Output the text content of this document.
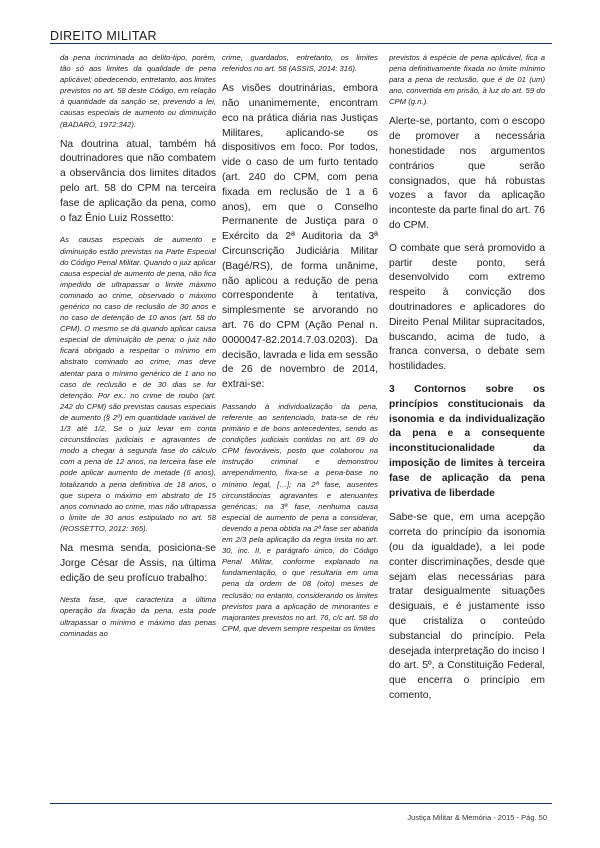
DIREITO MILITAR

da pena incriminada ao delito-tipo, porém, tão só aos limites da qualidade de pena aplicável; obedecendo, entretanto, aos limites previstos no art. 58 deste Código, em relação à quantidade da sanção se, prevendo a lei, causas especiais de aumento ou diminuição (BADARÓ, 1972:342).

Na doutrina atual, também há doutrinadores que não combatem a observância dos limites ditados pelo art. 58 do CPM na terceira fase de aplicação da pena, como o faz Ênio Luiz Rossetto:

As causas especiais de aumento e diminuição estão previstas na Parte Especial do Código Penal Militar. Quando o juiz aplicar causa especial de aumento de pena, não fica impedido de ultrapassar o limite máximo cominado ao crime, observado o máximo genérico no caso de reclusão de 30 anos e no caso de detenção de 10 anos (art. 58 do CPM). O mesmo se dá quando aplicar causa especial de diminuição de pena: o juiz não ficará obrigado a respeitar o mínimo em abstrato cominado ao crime, mas deve atentar para o mínimo genérico de 1 ano no caso de reclusão e de 30 dias se for detenção. Por ex.: no crime de roubo (art. 242 do CPM) são previstas causas especiais de aumento (§ 2º) em quantidade variável de 1/3 até 1/2. Se o juiz levar em conta circunstâncias judiciais e agravantes de modo a chegar à segunda fase do cálculo com a pena de 12 anos, na terceira fase ele pode aplicar aumento de metade (6 anos), totalizando a pena definitiva de 18 anos, o que supera o máximo em abstrato de 15 anos cominado ao crime, mas não ultrapassa o limite de 30 anos estipulado no art. 58 (ROSSETTO, 2012: 365).

Na mesma senda, posiciona-se Jorge César de Assis, na última edição de seu profícuo trabalho:

Nesta fase, que caracteriza a última operação da fixação da pena, esta pode ultrapassar o mínimo e máximo das penas cominadas ao

crime, guardados, entretanto, os limites referidos no art. 58 (ASSIS, 2014: 316).

As visões doutrinárias, embora não unanimemente, encontram eco na prática diária nas Justiças Militares, aplicando-se os dispositivos em foco. Por todos, vide o caso de um furto tentado (art. 240 do CPM, com pena fixada em reclusão de 1 a 6 anos), em que o Conselho Permanente de Justiça para o Exército da 2ª Auditoria da 3ª Circunscrição Judiciária Militar (Bagé/RS), de forma unânime, não aplicou a redução de pena correspondente à tentativa, simplesmente se arvorando no art. 76 do CPM (Ação Penal n. 0000047-82.2014.7.03.0203). Da decisão, lavrada e lida em sessão de 26 de novembro de 2014, extrai-se:

Passando à individualização da pena, referente ao sentenciado, trata-se de réu primário e de bons antecedentes, sendo as condições judiciais contidas no art. 69 do CPM favoráveis, posto que colaborou na instrução criminal e demonstrou arrependimento, fixa-se a pena-base no mínimo legal, […]; na 2ª fase, ausentes circunstâncias agravantes e atenuantes genéricas; na 3ª fase, nenhuma causa especial de aumento de pena a considerar, devendo a pena obtida na 2ª fase ser abatida em 2/3 pela aplicação da regra ínsita no art. 30, inc. II, e parágrafo único, do Código Penal Militar, conforme explanado na fundamentação, o que resultaria em uma pena da ordem de 08 (oito) meses de reclusão; no entanto, considerando os limites previstos para a aplicação de minorantes e majorantes previstos no art. 76, c/c art. 58 do CPM, que devem sempre respeitar os limites

previstos à espécie de pena aplicável, fica a pena definitivamente fixada no limite mínimo para a pena de reclusão, que é de 01 (um) ano, convertida em prisão, à luz do art. 59 do CPM (g.n.).

Alerte-se, portanto, com o escopo de promover a necessária honestidade nos argumentos contrários que serão consignados, que há robustas vozes a favor da aplicação inconteste da parte final do art. 76 do CPM.

O combate que será promovido a partir deste ponto, será desenvolvido com extremo respeito à convicção dos doutrinadores e aplicadores do Direito Penal Militar supracitados, buscando, acima de tudo, a franca conversa, o debate sem hostilidades.

3 Contornos sobre os princípios constitucionais da isonomia e da individualização da pena e a consequente inconstitucionalidade da imposição de limites à terceira fase de aplicação da pena privativa de liberdade

Sabe-se que, em uma acepção correta do princípio da isonomia (ou da igualdade), a lei pode conter discriminações, desde que sejam elas necessárias para tratar desigualmente situações desiguais, e é justamente isso que cristaliza o conteúdo substancial do princípio. Pela desejada interpretação do inciso I do art. 5º, a Constituição Federal, que encerra o princípio em comento,

Justiça Militar & Memória - 2015 - Pág. 50
